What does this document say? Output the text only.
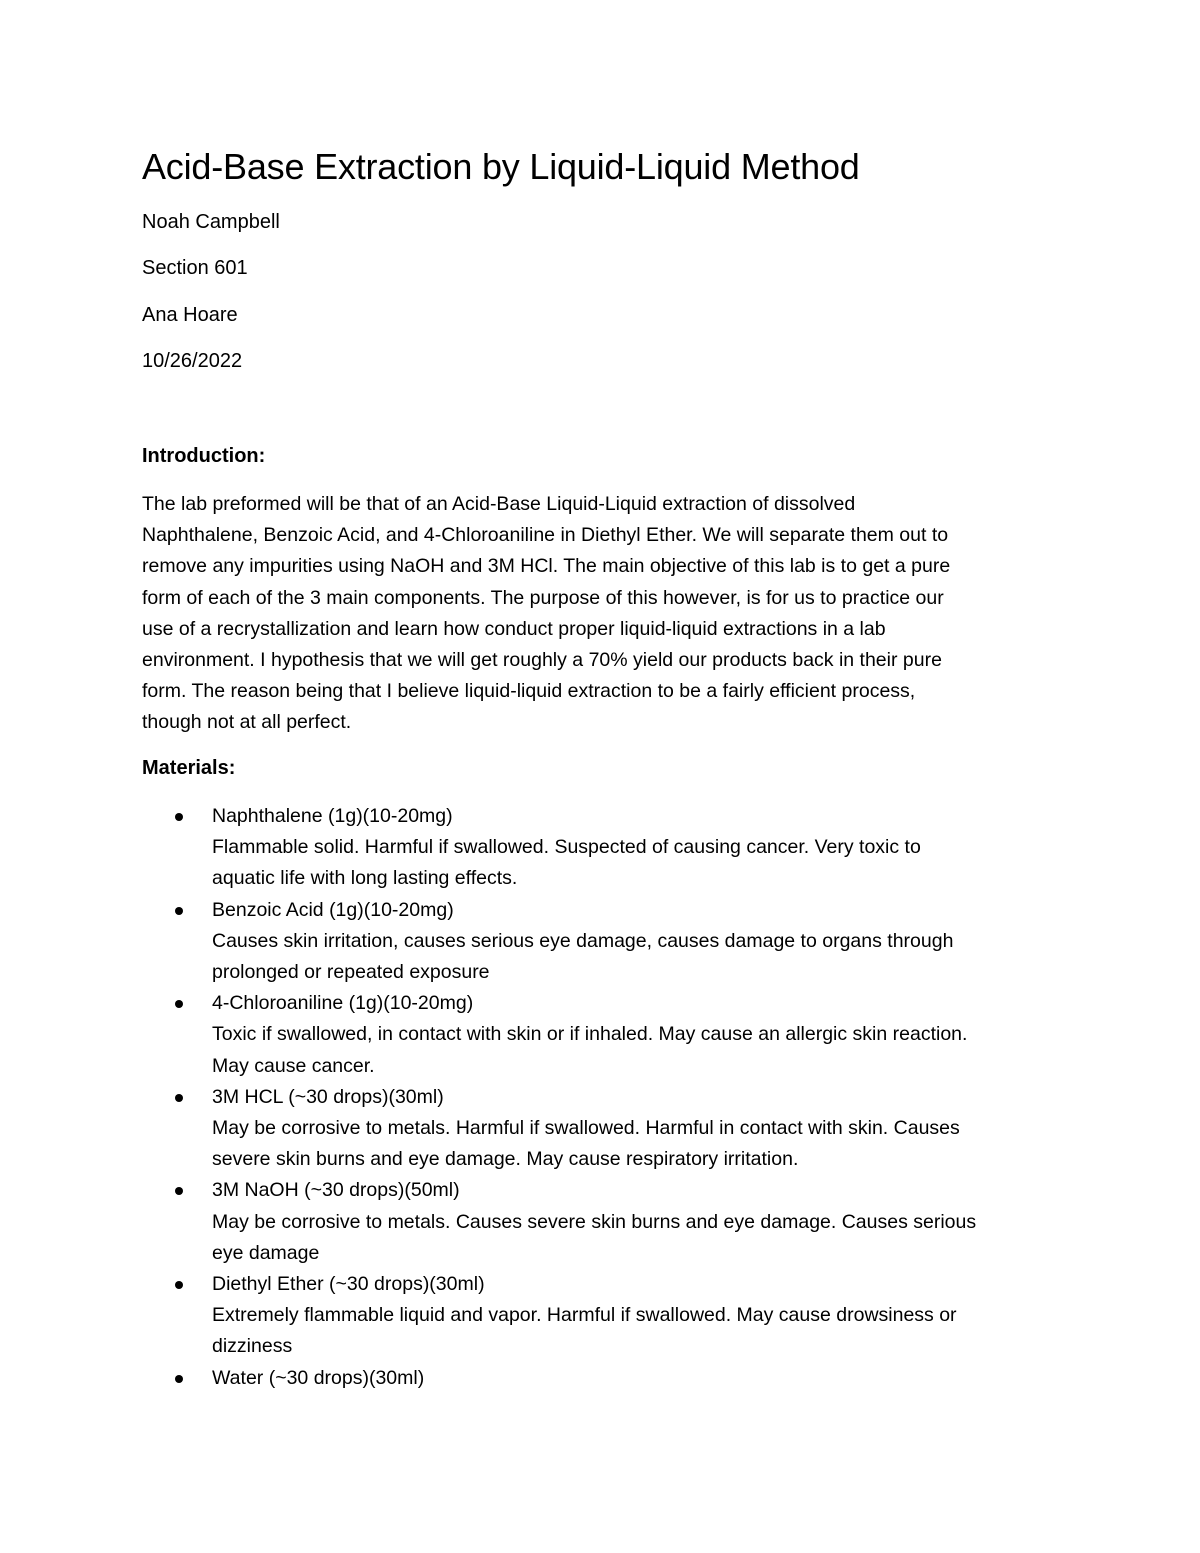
Acid-Base Extraction by Liquid-Liquid Method

Noah Campbell

Section 601

Ana Hoare

10/26/2022

Introduction:

The lab preformed will be that of an Acid-Base Liquid-Liquid extraction of dissolved
Naphthalene, Benzoic Acid, and 4-Chloroaniline in Diethyl Ether. We will separate them out to
remove any impurities using NaOH and 3M HCl. The main objective of this lab is to get a pure
form of each of the 3 main components. The purpose of this however, is for us to practice our
use of a recrystallization and learn how conduct proper liquid-liquid extractions in a lab
environment. I hypothesis that we will get roughly a 70% yield our products back in their pure
form. The reason being that I believe liquid-liquid extraction to be a fairly efficient process,
though not at all perfect.

Materials:
Naphthalene (1g)(10-20mg)
Flammable solid. Harmful if swallowed. Suspected of causing cancer. Very toxic to
aquatic life with long lasting effects.
Benzoic Acid (1g)(10-20mg)
Causes skin irritation, causes serious eye damage, causes damage to organs through
prolonged or repeated exposure
4-Chloroaniline (1g)(10-20mg)
Toxic if swallowed, in contact with skin or if inhaled. May cause an allergic skin reaction.
May cause cancer.
3M HCL (~30 drops)(30ml)
May be corrosive to metals. Harmful if swallowed. Harmful in contact with skin. Causes
severe skin burns and eye damage. May cause respiratory irritation.
3M NaOH (~30 drops)(50ml)
May be corrosive to metals. Causes severe skin burns and eye damage. Causes serious
eye damage
Diethyl Ether (~30 drops)(30ml)
Extremely flammable liquid and vapor. Harmful if swallowed. May cause drowsiness or
dizziness
Water (~30 drops)(30ml)
